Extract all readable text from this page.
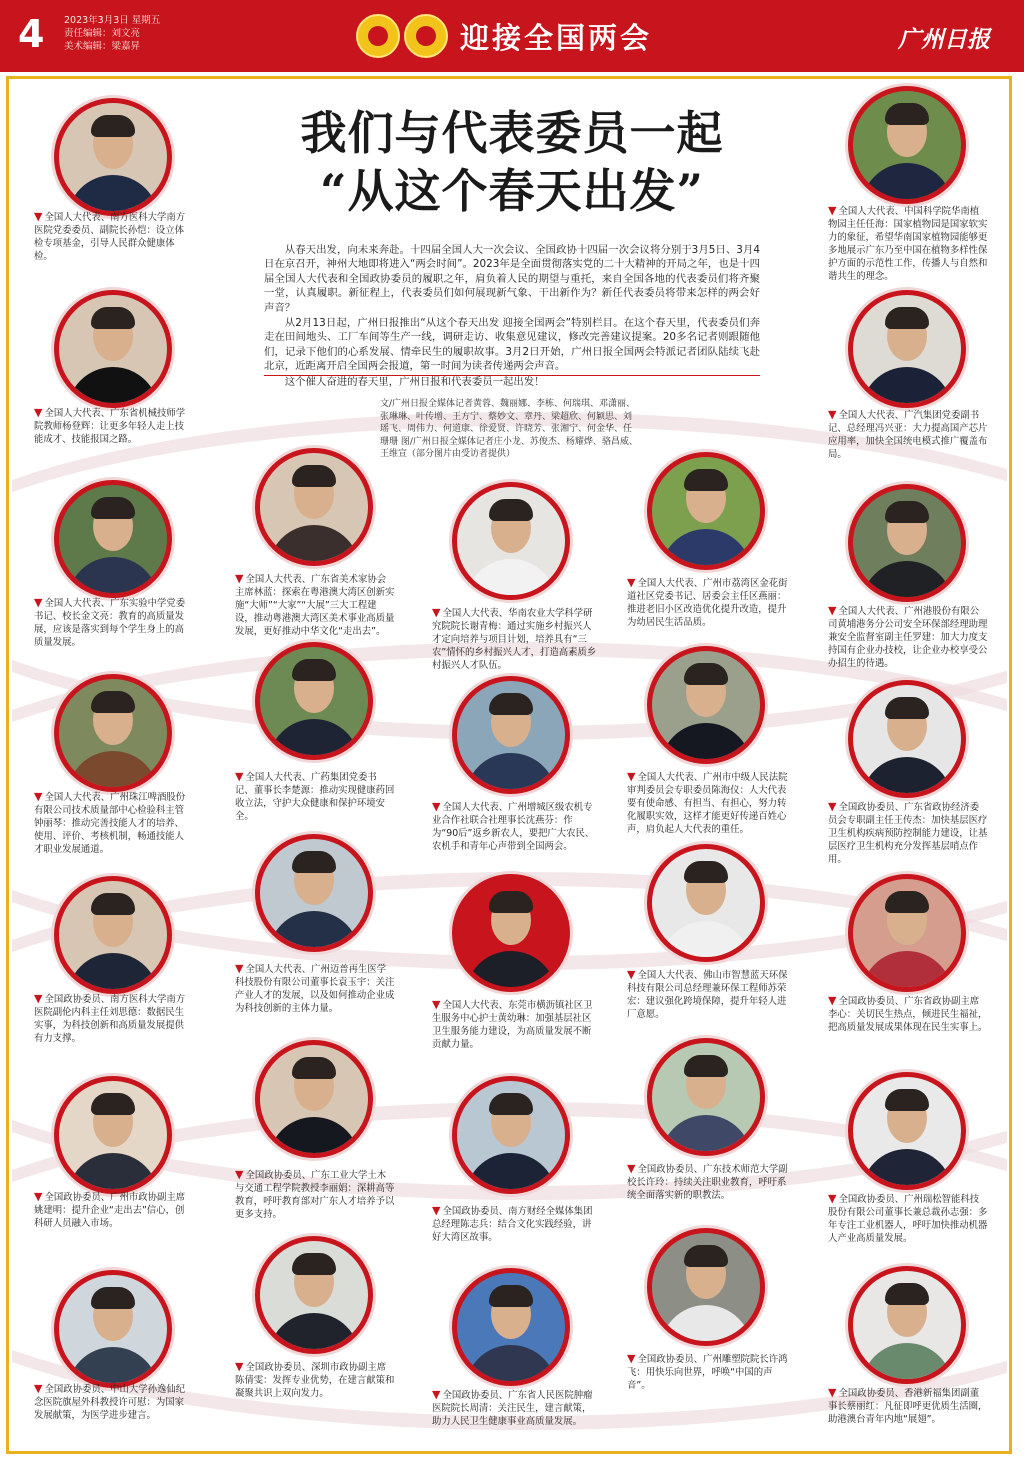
4 2023年3月3日 星期五
责任编辑：刘文亮
美术编辑：梁嘉昇	迎接全国两会	广州日报
我们与代表委员一起
“从这个春天出发”

从春天出发，向未来奔赴。十四届全国人大一次会议、全国政协十四届一次会议将分别于3月5日、3月4日在京召开，神州大地即将进入“两会时间”。2023年是全面贯彻落实党的二十大精神的开局之年，也是十四届全国人大代表和全国政协委员的履职之年，肩负着人民的期望与重托，来自全国各地的代表委员们将齐聚一堂，认真履职。新征程上，代表委员们如何展现新气象、干出新作为？新任代表委员将带来怎样的两会好声音？

从2月13日起，广州日报推出“从这个春天出发 迎接全国两会”特别栏目。在这个春天里，代表委员们奔走在田间地头、工厂车间等生产一线，调研走访、收集意见建议，修改完善建议提案。20多名记者则跟随他们，记录下他们的心系发展、情牵民生的履职故事。3月2日开始，广州日报全国两会特派记者团队陆续飞赴北京，近距离开启全国两会报道，第一时间为读者传递两会声音。

这个催人奋进的春天里，广州日报和代表委员一起出发！

文/广州日报全媒体记者黄蓉、魏丽娜、李栋、何瑞琪、邓潇丽、张琳琳、叶传增、王方宁、蔡妙文、章丹、梁超欣、何颖思、刘瑶飞、周伟力、何道康、徐爱贤、许晓芳、张湘宁、何金华、任珊珊 图/广州日报全媒体记者庄小龙、苏俊杰、杨耀烨、骆昌威、王维宣（部分图片由受访者提供）
▼ 全国人大代表、南方医科大学南方医院党委委员、副院长孙恺：设立体检专项基金，引导人民群众健康体检。
▼ 全国人大代表、广东省机械技师学院教师杨登辉：让更多年轻人走上技能成才、技能报国之路。
▼ 全国人大代表、广东实验中学党委书记、校长金文亮：教育的高质量发展，应该是落实到每个学生身上的高质量发展。
▼ 全国人大代表、广州珠江啤酒股份有限公司技术质量部中心检验科主管钟丽琴：推动完善技能人才的培养、使用、评价、考核机制，畅通技能人才职业发展通道。
▼ 全国政协委员、南方医科大学南方医院副伦内科主任刘思德：数据民生实事，为科技创新和高质量发展提供有力支撑。
▼ 全国政协委员、广州市政协副主席姚建明：提升企业“走出去”信心，创科研人员融入市场。
▼ 全国政协委员、中山大学孙逸仙纪念医院旗屋外科教授许可慰：为国家发展献策，为医学进步建言。
▼ 全国人大代表、广东省美术家协会主席林蓝：探索在粤港澳大湾区创新实施“大师”“大家”“大展”三大工程建设，推动粤港澳大湾区美术事业高质量发展，更好推动中华文化“走出去”。
▼ 全国人大代表、广药集团党委书记、董事长李楚源：推动实现健康药回收立法，守护大众健康和保护环境安全。
▼ 全国人大代表、广州迈普再生医学科技股份有限公司董事长袁玉宇：关注产业人才的发展，以及如何推动企业成为科技创新的主体力量。
▼ 全国政协委员、广东工业大学土木与交通工程学院教授李丽娟：深耕高等教育，呼吁教育部对广东人才培养予以更多支持。
▼ 全国政协委员、深圳市政协副主席陈倩雯：发挥专业优势，在建言献策和凝聚共识上双向发力。
▼ 全国人大代表、华南农业大学科学研究院院长谢青梅：通过实施乡村振兴人才定向培养与项目计划，培养具有“三农”情怀的乡村振兴人才，打造高素质乡村振兴人才队伍。
▼ 全国人大代表、广州增城区级农机专业合作社联合社理事长沈燕芬：作为“90后”返乡新农人，要把广大农民、农机手和青年心声带到全国两会。
▼ 全国人大代表、东莞市横沥镇社区卫生服务中心护士黄幼琳：加强基层社区卫生服务能力建设，为高质量发展不断贡献力量。
▼ 全国政协委员、南方财经全媒体集团总经理陈志兵：结合文化实践经验，讲好大湾区故事。
▼ 全国政协委员、广东省人民医院肿瘤医院院长周清：关注民生，建言献策，助力人民卫生健康事业高质量发展。
▼ 全国人大代表、广州市荔湾区金花街道社区党委书记、居委会主任区燕丽：推进老旧小区改造优化提升改造，提升为幼居民生活品质。
▼ 全国人大代表、广州市中级人民法院审判委员会专职委员陈海仪：人大代表要有使命感、有担当、有担心，努力转化履职实效，这样才能更好传递百姓心声，肩负起人大代表的重任。
▼ 全国人大代表、佛山市智慧蓝天环保科技有限公司总经理兼环保工程师苏荣宏：建议强化跨境保障，提升年轻人进厂意愿。
▼ 全国政协委员、广东技术师范大学副校长许玲：持续关注职业教育，呼吁系统全面落实新的职教法。
▼ 全国政协委员、广州雕塑院院长许鸿飞：用快乐向世界，呼唤“中国的声音”。
▼ 全国人大代表、中国科学院华南植物园主任任海：国家植物园是国家软实力的象征，希望华南国家植物园能够更多地展示广东乃至中国在植物多样性保护方面的示范性工作，传播人与自然和谐共生的理念。
▼ 全国人大代表、广汽集团党委副书记、总经理冯兴亚：大力提高国产芯片应用率，加快全国统电模式推广覆盖布局。
▼ 全国人大代表、广州港股份有限公司黄埔港务分公司安全环保部经理助理兼安全监督室副主任罗建：加大力度支持国有企业办技校，让企业办校享受公办招生的待遇。
▼ 全国政协委员、广东省政协经济委员会专职副主任王传杰：加快基层医疗卫生机构疾病预防控制能力建设，让基层医疗卫生机构充分发挥基层哨点作用。
▼ 全国政协委员、广东省政协副主席李心：关切民生热点，倾进民生福祉，把高质量发展成果体现在民生实事上。
▼ 全国政协委员、广州瑞松智能科技股份有限公司董事长兼总裁孙志强：多年专注工业机器人，呼吁加快推动机器人产业高质量发展。
▼ 全国政协委员、香港新福集团副董事长蔡丽红：凡征即呼更优质生活圈，助港澳台青年内地“展翅”。
